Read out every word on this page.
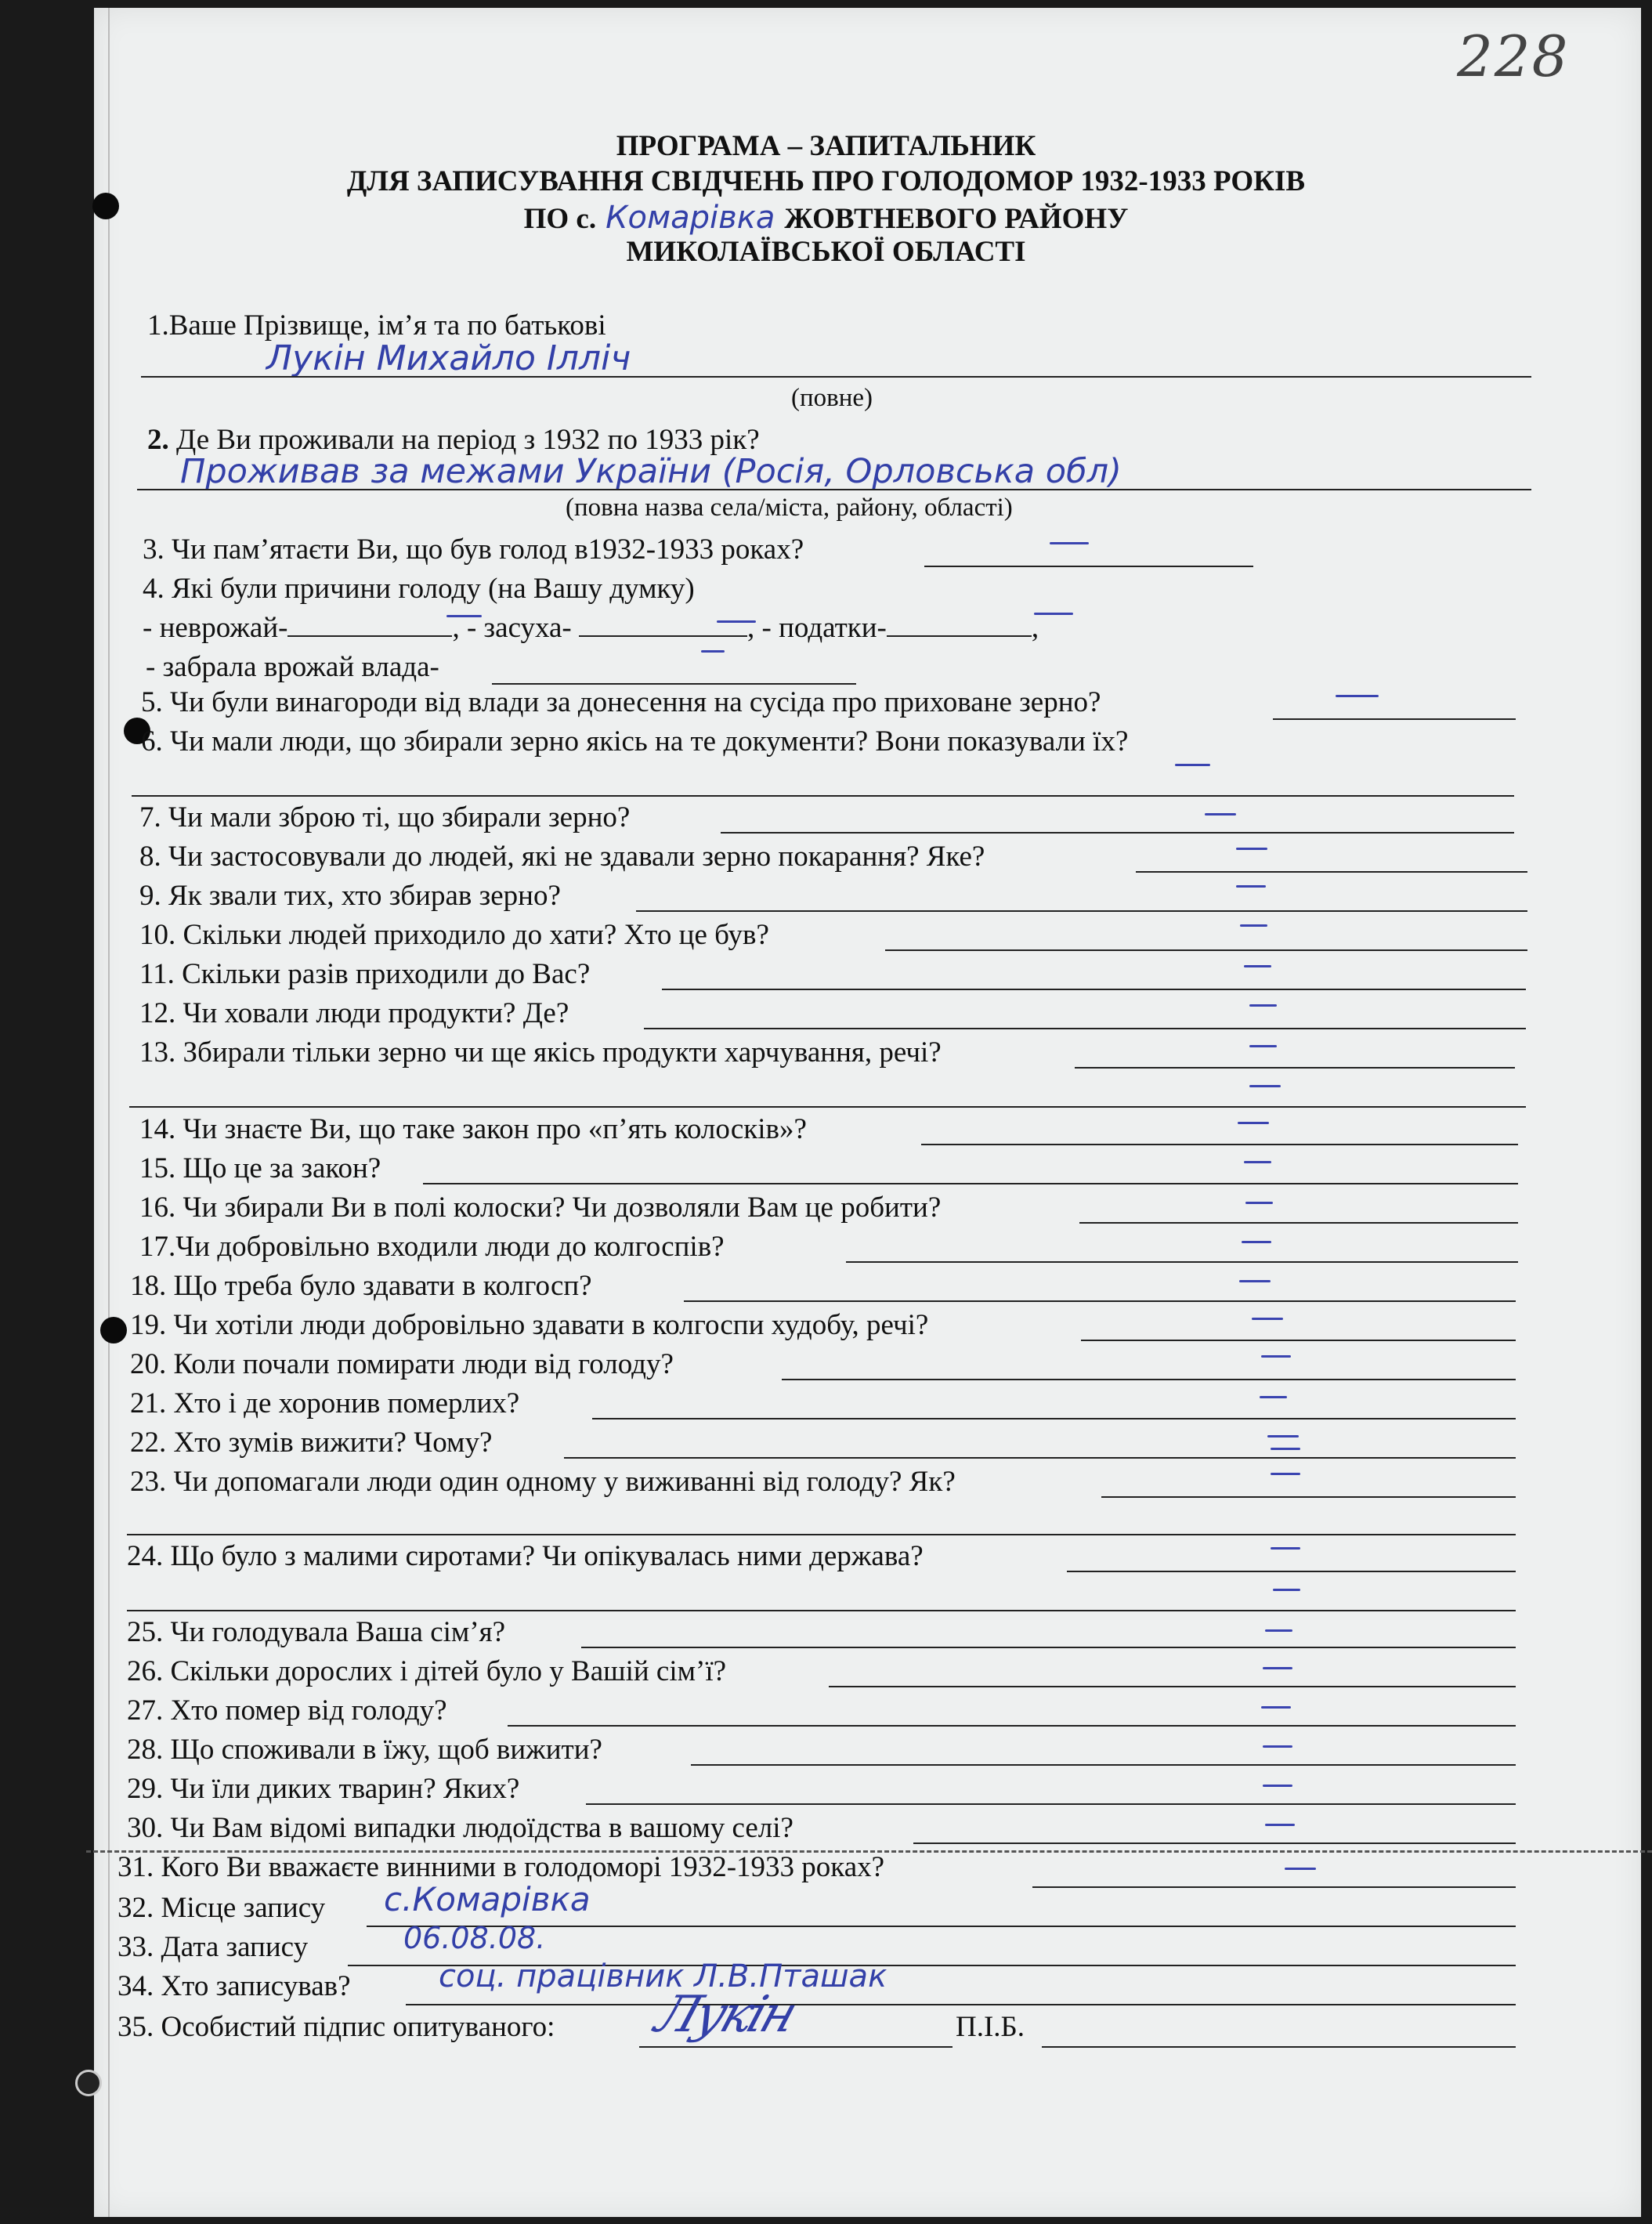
228
ПРОГРАМА – ЗАПИТАЛЬНИК
ДЛЯ ЗАПИСУВАННЯ СВІДЧЕНЬ ПРО ГОЛОДОМОР 1932-1933 РОКІВ
ПО с. Комарівка ЖОВТНЕВОГО РАЙОНУ
МИКОЛАЇВСЬКОЇ ОБЛАСТІ
1.Ваше Прізвище, ім’я та по батькові
Лукін Михайло Ілліч
(повне)
2. Де Ви проживали на період з 1932 по 1933 рік?
Проживав за межами України (Росія, Орловська обл)
(повна назва села/міста, району, області)
3. Чи пам’ятаєти Ви, що був голод в1932-1933 роках?
4. Які були причини голоду (на Вашу думку)
- неврожай-	, - засуха-	, - податки-	,
- забрала врожай влада-
5. Чи були винагороди від влади за донесення на сусіда про приховане зерно?
6. Чи мали люди, що збирали зерно якісь на те документи? Вони показували їх?
7. Чи мали зброю ті, що збирали зерно?
8. Чи застосовували до людей, які не здавали зерно покарання? Яке?
9. Як звали тих, хто збирав зерно?
10. Скільки людей приходило до хати? Хто це був?
11. Скільки разів приходили до Вас?
12. Чи ховали люди продукти? Де?
13. Збирали тільки зерно чи ще якісь продукти харчування, речі?
14. Чи знаєте Ви, що таке закон про «п’ять колосків»?
15. Що це за закон?
16. Чи збирали Ви в полі колоски? Чи дозволяли Вам це робити?
17.Чи добровільно входили люди до колгоспів?
18. Що треба було здавати в колгосп?
19. Чи хотіли люди добровільно здавати в колгоспи худобу, речі?
20. Коли почали помирати люди від голоду?
21. Хто і де хоронив померлих?
22. Хто зумів вижити? Чому?
23. Чи допомагали люди один одному у виживанні від голоду? Як?
24. Що було з малими сиротами? Чи опікувалась ними держава?
25. Чи голодувала Ваша сім’я?
26. Скільки дорослих і дітей було у Вашій сім’ї?
27. Хто помер від голоду?
28. Що споживали в їжу, щоб вижити?
29. Чи їли диких тварин? Яких?
30. Чи Вам відомі випадки людоїдства в вашому селі?
31. Кого Ви вважаєте винними в голодоморі 1932-1933 роках?
32. Місце запису с.Комарівка
33. Дата запису	06.08.08.
34. Хто записував?	соц. працівник Л.В.Пташак
35. Особистий підпис опитуваного: Лукін	П.І.Б.
